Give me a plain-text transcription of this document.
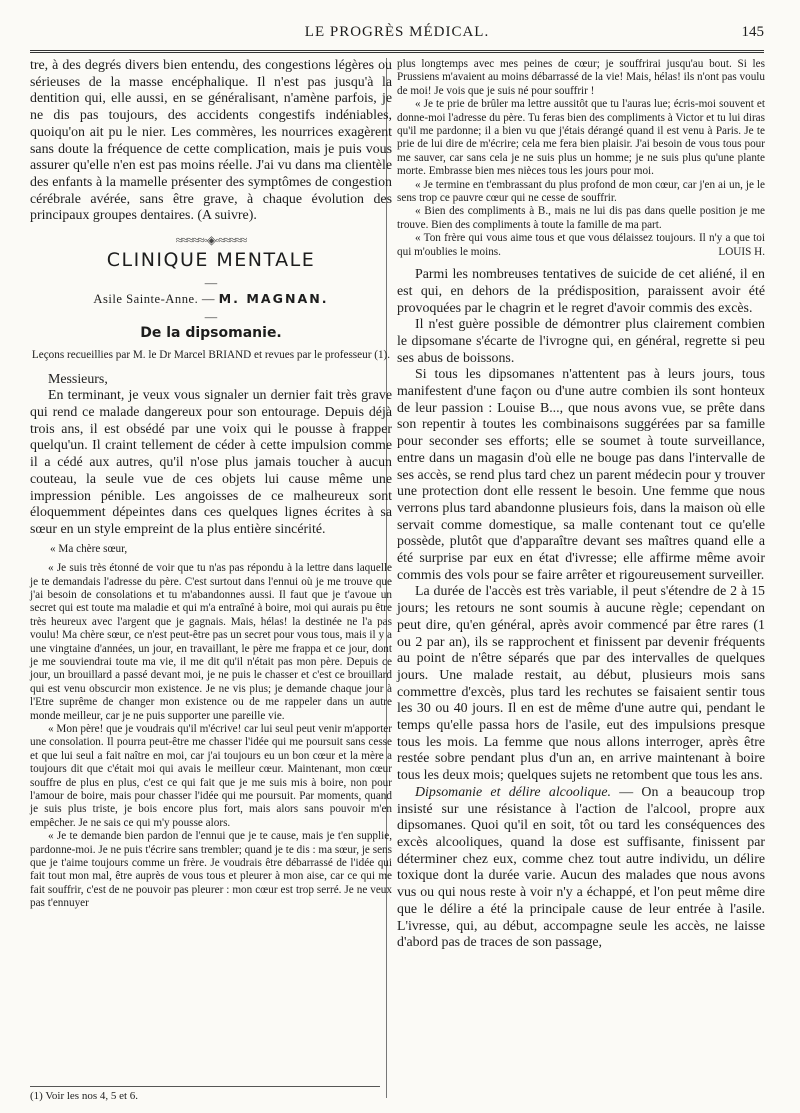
LE PROGRÈS MÉDICAL.	145

tre, à des degrés divers bien entendu, des congestions légères ou sérieuses de la masse encéphalique. Il n'est pas jusqu'à la dentition qui, elle aussi, en se généralisant, n'amène parfois, je ne dis pas toujours, des accidents congestifs indéniables, quoiqu'on ait pu le nier. Les commères, les nourrices exagèrent sans doute la fréquence de cette complication, mais je puis vous assurer qu'elle n'en est pas moins réelle. J'ai vu dans ma clientèle des enfants à la mamelle présenter des symptômes de congestion cérébrale avérée, sans être grave, à chaque évolution des principaux groupes dentaires. (A suivre).

≈≈≈≈≈◦◈◦≈≈≈≈≈
CLINIQUE MENTALE
—
Asile Sainte-Anne. — M. MAGNAN.
—
De la dipsomanie.
Leçons recueillies par M. le Dr Marcel BRIAND et revues par le professeur (1).

Messieurs,

En terminant, je veux vous signaler un dernier fait très grave qui rend ce malade dangereux pour son entourage. Depuis déjà trois ans, il est obsédé par une voix qui le pousse à frapper quelqu'un. Il craint tellement de céder à cette impulsion comme il a cédé aux autres, qu'il n'ose plus jamais toucher à aucun couteau, la seule vue de ces objets lui cause même une impression pénible. Les angoisses de ce malheureux sont éloquemment dépeintes dans ces quelques lignes écrites à sa sœur en un style empreint de la plus entière sincérité.

« Ma chère sœur,

« Je suis très étonné de voir que tu n'as pas répondu à la lettre dans laquelle je te demandais l'adresse du père. C'est surtout dans l'ennui où je me trouve que j'ai besoin de consolations et tu m'abandonnes aussi. Il faut que je t'avoue un secret qui est toute ma maladie et qui m'a entraîné à boire, moi qui aurais pu être très heureux avec l'argent que je gagnais. Mais, hélas! la destinée ne l'a pas voulu! Ma chère sœur, ce n'est peut-être pas un secret pour vous tous, mais il y a une vingtaine d'années, un jour, en travaillant, le père me frappa et ce jour, dont je me souviendrai toute ma vie, il me dit qu'il n'était pas mon père. Depuis ce jour, un brouillard a passé devant moi, je ne puis le chasser et c'est ce brouillard qui est venu obscurcir mon existence. Je ne vis plus; je demande chaque jour à l'Etre suprême de changer mon existence ou de me rappeler dans un autre monde meilleur, car je ne puis supporter une pareille vie.

« Mon père! que je voudrais qu'il m'écrive! car lui seul peut venir m'apporter une consolation. Il pourra peut-être me chasser l'idée qui me poursuit sans cesse et que lui seul a fait naître en moi, car j'ai toujours eu un bon cœur et la mère a toujours dit que c'était moi qui avais le meilleur cœur. Maintenant, mon cœur souffre de plus en plus, c'est ce qui fait que je me suis mis à boire, non pour l'amour de boire, mais pour chasser l'idée qui me poursuit. Par moments, quand je suis plus triste, je bois encore plus fort, mais alors sans pouvoir m'en empêcher. Je ne sais ce qui m'y pousse alors.

« Je te demande bien pardon de l'ennui que je te cause, mais je t'en supplie, pardonne-moi. Je ne puis t'écrire sans trembler; quand je te dis : ma sœur, je sens que je t'aime toujours comme un frère. Je voudrais être débarrassé de l'idée qui fait tout mon mal, être auprès de vous tous et pleurer à mon aise, car ce qui me fait souffrir, c'est de ne pouvoir pas pleurer : mon cœur est trop serré. Je ne veux pas t'ennuyer

(1) Voir les nos 4, 5 et 6.

plus longtemps avec mes peines de cœur; je souffrirai jusqu'au bout. Si les Prussiens m'avaient au moins débarrassé de la vie! Mais, hélas! ils n'ont pas voulu de moi! Je vois que je suis né pour souffrir !

« Je te prie de brûler ma lettre aussitôt que tu l'auras lue; écris-moi souvent et donne-moi l'adresse du père. Tu feras bien des compliments à Victor et tu lui diras qu'il me pardonne; il a bien vu que j'étais dérangé quand il est venu à Paris. Je te prie de lui dire de m'écrire; cela me fera bien plaisir. J'ai besoin de vous tous pour me sauver, car sans cela je ne suis plus un homme; je ne suis plus qu'une plante morte. Embrasse bien mes nièces tous les jours pour moi.

« Je termine en t'embrassant du plus profond de mon cœur, car j'en ai un, je le sens trop ce pauvre cœur qui ne cesse de souffrir.

« Bien des compliments à B., mais ne lui dis pas dans quelle position je me trouve. Bien des compliments à toute la famille de ma part.

« Ton frère qui vous aime tous et que vous délaissez toujours. Il n'y a que toi qui m'oublies le moins.	LOUIS H.

Parmi les nombreuses tentatives de suicide de cet aliéné, il en est qui, en dehors de la prédisposition, paraissent avoir été provoquées par le chagrin et le regret d'avoir commis des excès.

Il n'est guère possible de démontrer plus clairement combien le dipsomane s'écarte de l'ivrogne qui, en général, regrette si peu ses abus de boissons.

Si tous les dipsomanes n'attentent pas à leurs jours, tous manifestent d'une façon ou d'une autre combien ils sont honteux de leur passion : Louise B..., que nous avons vue, se prête dans son repentir à toutes les combinaisons suggérées par sa famille pour seconder ses efforts; elle se soumet à toute surveillance, entre dans un magasin d'où elle ne bouge pas dans l'intervalle de ses accès, se rend plus tard chez un parent médecin pour y trouver une protection dont elle ressent le besoin. Une femme que nous verrons plus tard abandonne plusieurs fois, dans la maison où elle servait comme domestique, sa malle contenant tout ce qu'elle possède, plutôt que d'apparaître devant ses maîtres quand elle a été surprise par eux en état d'ivresse; elle affirme même avoir commis des vols pour se faire arrêter et rigoureusement surveiller.

La durée de l'accès est très variable, il peut s'étendre de 2 à 15 jours; les retours ne sont soumis à aucune règle; cependant on peut dire, qu'en général, après avoir commencé par être rares (1 ou 2 par an), ils se rapprochent et finissent par devenir fréquents au point de n'être séparés que par des intervalles de quelques jours. Une malade restait, au début, plusieurs mois sans commettre d'excès, plus tard les rechutes se faisaient sentir tous les 30 ou 40 jours. Il en est de même d'une autre qui, pendant le temps qu'elle passa hors de l'asile, eut des impulsions presque tous les mois. La femme que nous allons interroger, après être restée sobre pendant plus d'un an, en arrive maintenant à boire tous les deux mois; quelques sujets ne retombent que tous les ans.

Dipsomanie et délire alcoolique. — On a beaucoup trop insisté sur une résistance à l'action de l'alcool, propre aux dipsomanes. Quoi qu'il en soit, tôt ou tard les conséquences des excès alcooliques, quand la dose est suffisante, finissent par déterminer chez eux, comme chez tout autre individu, un délire toxique dont la durée varie. Aucun des malades que nous avons vus ou qui nous reste à voir n'y a échappé, et l'on peut même dire que le délire a été la principale cause de leur entrée à l'asile. L'ivresse, qui, au début, accompagne seule les accès, ne laisse d'abord pas de traces de son passage,
